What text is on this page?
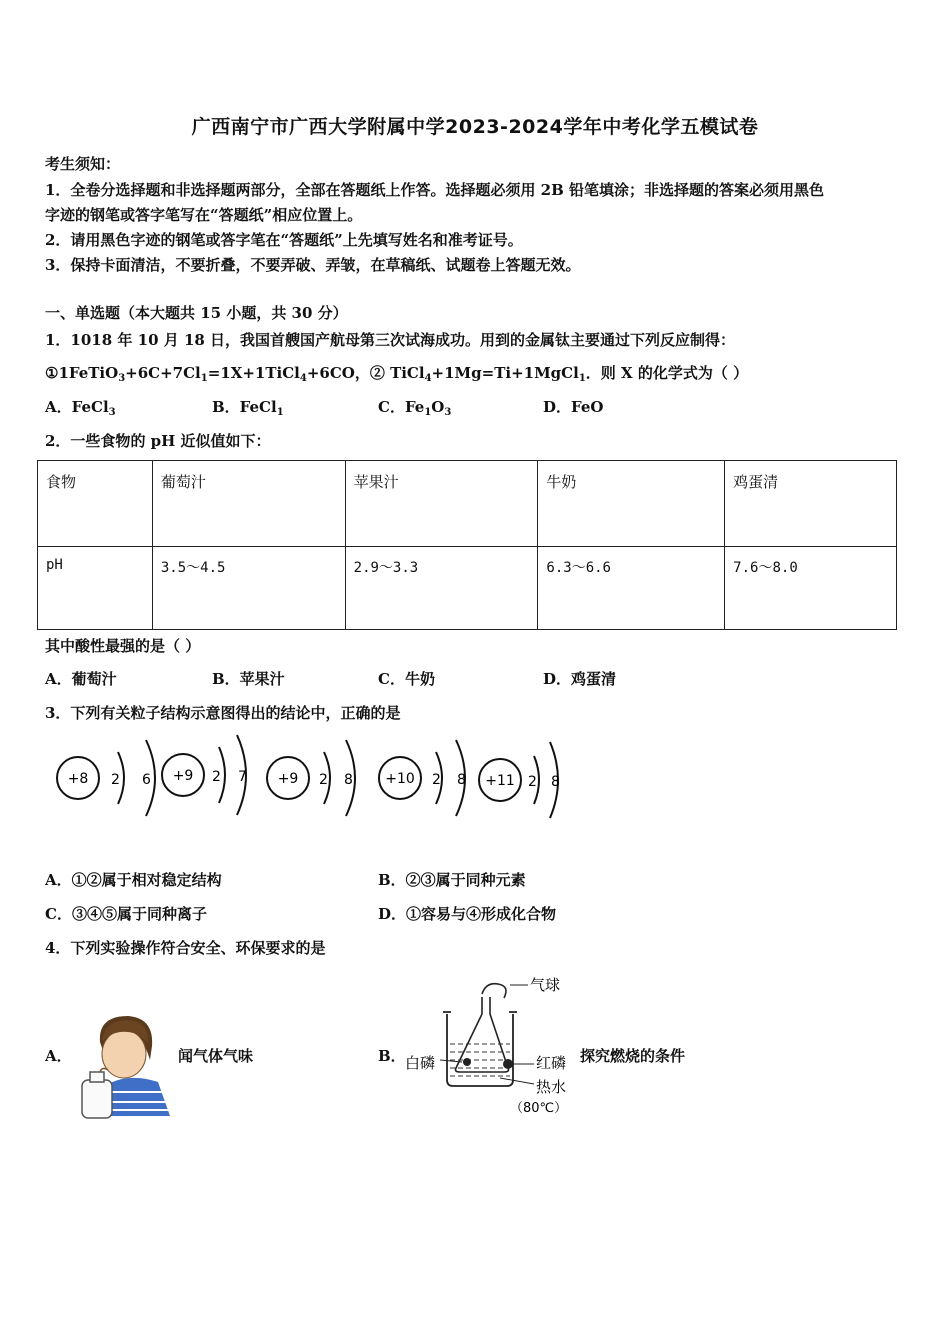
广西南宁市广西大学附属中学2023-2024学年中考化学五模试卷
考生须知：
1．全卷分选择题和非选择题两部分，全部在答题纸上作答。选择题必须用 2B 铅笔填涂；非选择题的答案必须用黑色
字迹的钢笔或答字笔写在“答题纸”相应位置上。
2．请用黑色字迹的钢笔或答字笔在“答题纸”上先填写姓名和准考证号。
3．保持卡面清洁，不要折叠，不要弄破、弄皱，在草稿纸、试题卷上答题无效。
一、单选题（本大题共 15 小题，共 30 分）
1．1018 年 10 月 18 日，我国首艘国产航母第三次试海成功。用到的金属钛主要通过下列反应制得：
$①1FeTiO_3+6C+7Cl_1=1X+1TiCl_4+6CO$，② TiCl$_4$+1Mg=Ti+1MgCl$_1$．则 X 的化学式为（ ）
A．FeCl$_3$	B．FeCl$_1$	C．$Fe_1O_3$	D．FeO
2．一些食物的 pH 近似值如下：
食物	葡萄汁	苹果汁	牛奶	鸡蛋清
pH	3.5～4.5	2.9～3.3	6.3～6.6	7.6～8.0
其中酸性最强的是（ ）
A．葡萄汁	B．苹果汁	C．牛奶	D．鸡蛋清
3．下列有关粒子结构示意图得出的结论中，正确的是
+8 2 6 +9 2 7 +9 2 8 +10 2 8 +11 2 8
A．①②属于相对稳定结构	B．②③属于同种元素
C．③④⑤属于同种离子	D．①容易与④形成化合物
4．下列实验操作符合安全、环保要求的是
A．	闻气体气味	B．
气球
白磷	红磷
热水
（80℃）
探究燃烧的条件
